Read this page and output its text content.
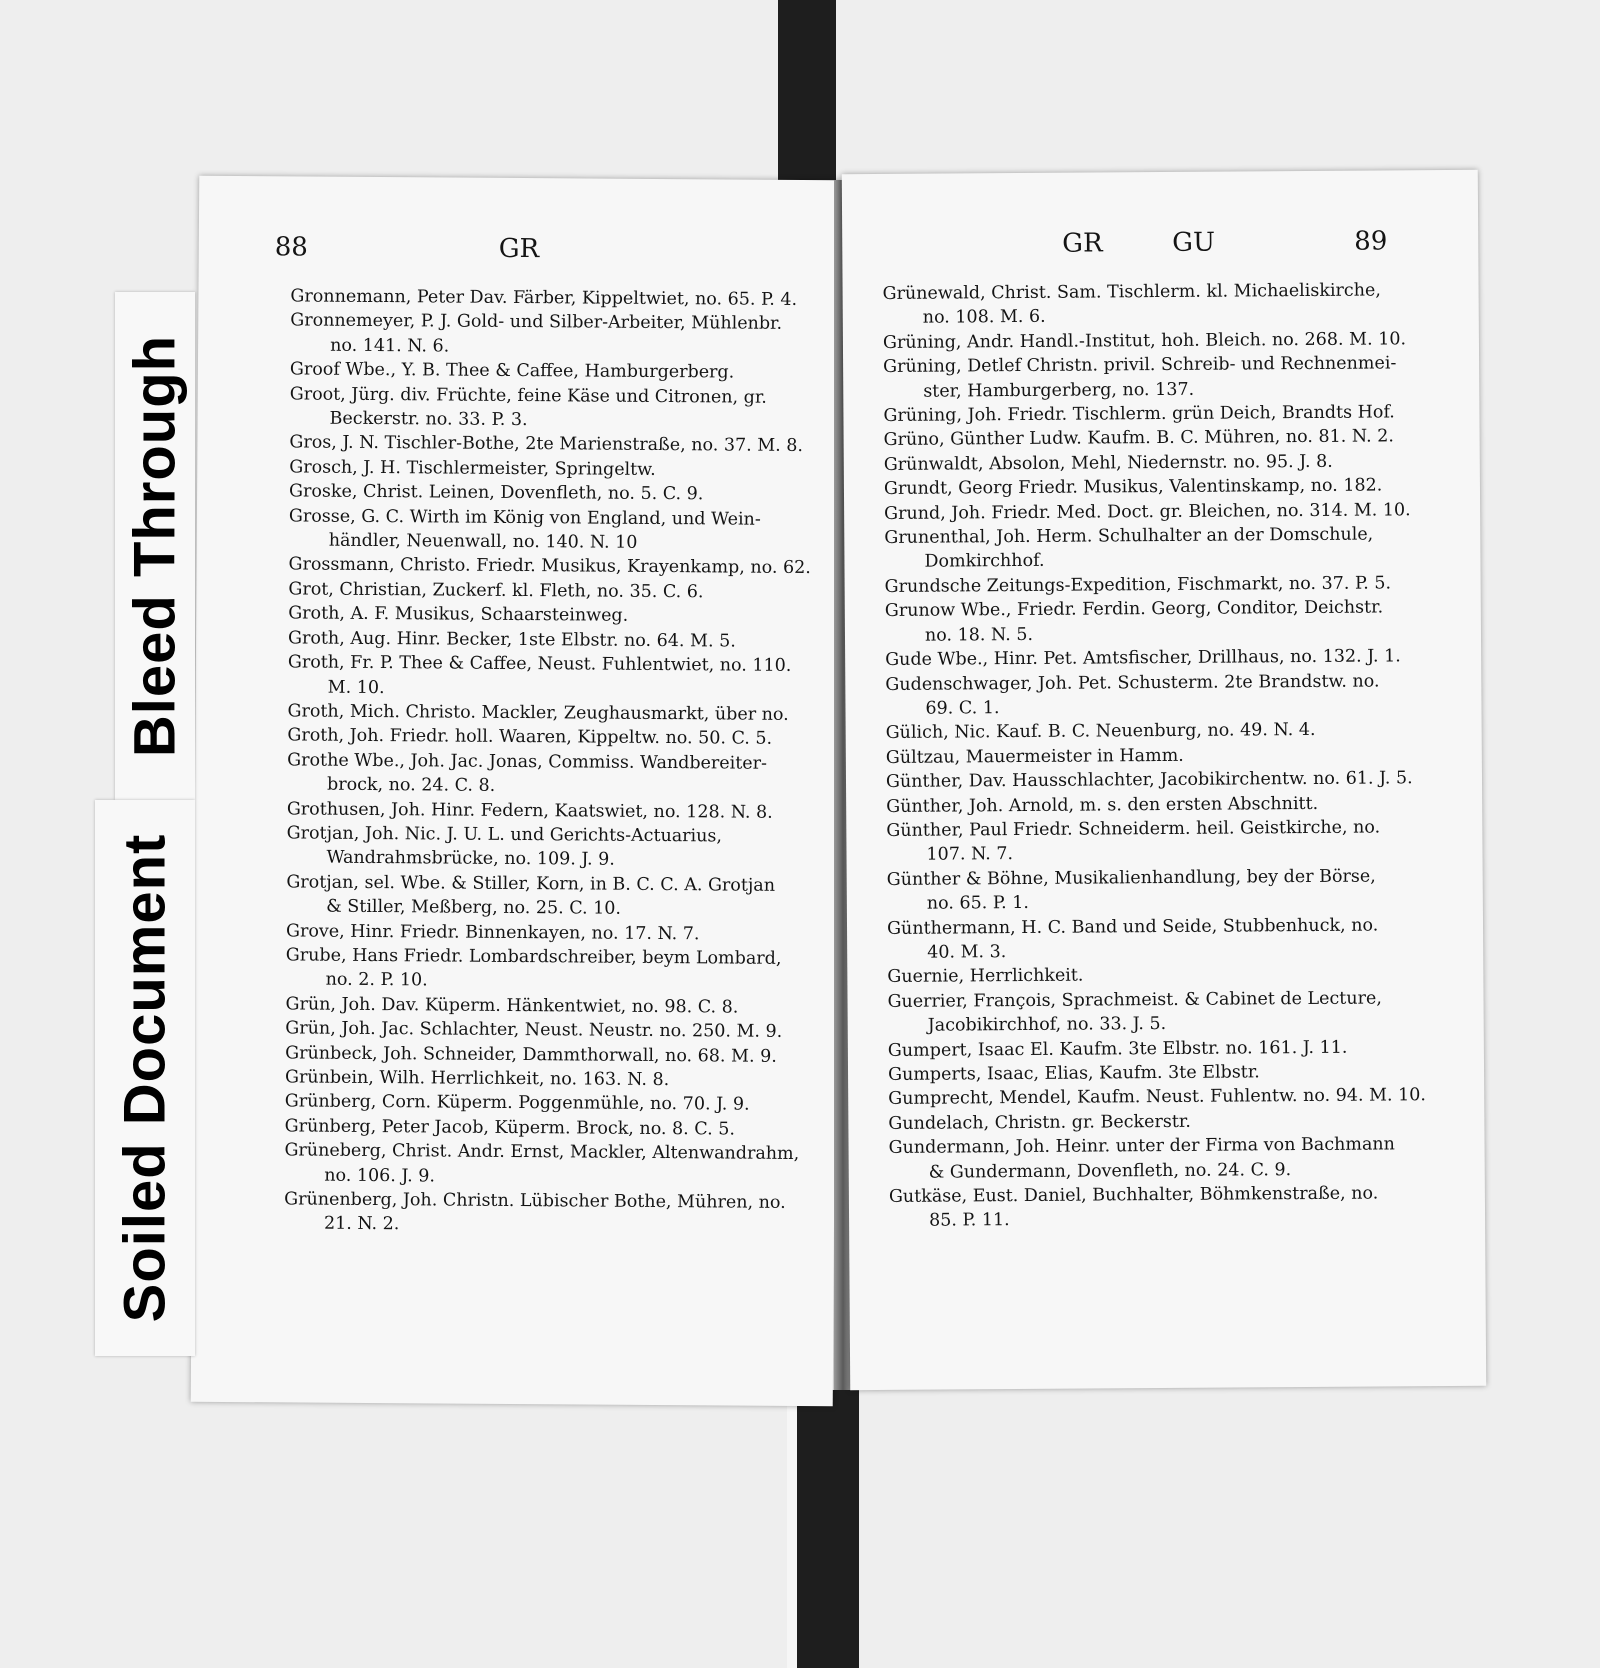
88	GR
Gronnemann, Peter Dav. Färber, Kippeltwiet, no. 65. P. 4.
Gronnemeyer, P. J. Gold- und Silber-Arbeiter, Mühlenbr.
no. 141. N. 6.
Groof Wbe., Y. B. Thee & Caffee, Hamburgerberg.
Groot, Jürg. div. Früchte, feine Käse und Citronen, gr.
Beckerstr. no. 33. P. 3.
Gros, J. N. Tischler-Bothe, 2te Marienstraße, no. 37. M. 8.
Grosch, J. H. Tischlermeister, Springeltw.
Groske, Christ. Leinen, Dovenfleth, no. 5. C. 9.
Grosse, G. C. Wirth im König von England, und Wein-
händler, Neuenwall, no. 140. N. 10
Grossmann, Christo. Friedr. Musikus, Krayenkamp, no. 62.
Grot, Christian, Zuckerf. kl. Fleth, no. 35. C. 6.
Groth, A. F. Musikus, Schaarsteinweg.
Groth, Aug. Hinr. Becker, 1ste Elbstr. no. 64. M. 5.
Groth, Fr. P. Thee & Caffee, Neust. Fuhlentwiet, no. 110.
M. 10.
Groth, Mich. Christo. Mackler, Zeughausmarkt, über no.
Groth, Joh. Friedr. holl. Waaren, Kippeltw. no. 50. C. 5.
Grothe Wbe., Joh. Jac. Jonas, Commiss. Wandbereiter-
brock, no. 24. C. 8.
Grothusen, Joh. Hinr. Federn, Kaatswiet, no. 128. N. 8.
Grotjan, Joh. Nic. J. U. L. und Gerichts-Actuarius,
Wandrahmsbrücke, no. 109. J. 9.
Grotjan, sel. Wbe. & Stiller, Korn, in B. C. C. A. Grotjan
& Stiller, Meßberg, no. 25. C. 10.
Grove, Hinr. Friedr. Binnenkayen, no. 17. N. 7.
Grube, Hans Friedr. Lombardschreiber, beym Lombard,
no. 2. P. 10.
Grün, Joh. Dav. Küperm. Hänkentwiet, no. 98. C. 8.
Grün, Joh. Jac. Schlachter, Neust. Neustr. no. 250. M. 9.
Grünbeck, Joh. Schneider, Dammthorwall, no. 68. M. 9.
Grünbein, Wilh. Herrlichkeit, no. 163. N. 8.
Grünberg, Corn. Küperm. Poggenmühle, no. 70. J. 9.
Grünberg, Peter Jacob, Küperm. Brock, no. 8. C. 5.
Grüneberg, Christ. Andr. Ernst, Mackler, Altenwandrahm,
no. 106. J. 9.
Grünenberg, Joh. Christn. Lübischer Bothe, Mühren, no.
21. N. 2.
GR	GU	89
Grünewald, Christ. Sam. Tischlerm. kl. Michaeliskirche,
no. 108. M. 6.
Grüning, Andr. Handl.-Institut, hoh. Bleich. no. 268. M. 10.
Grüning, Detlef Christn. privil. Schreib- und Rechnenmei-
ster, Hamburgerberg, no. 137.
Grüning, Joh. Friedr. Tischlerm. grün Deich, Brandts Hof.
Grüno, Günther Ludw. Kaufm. B. C. Mühren, no. 81. N. 2.
Grünwaldt, Absolon, Mehl, Niedernstr. no. 95. J. 8.
Grundt, Georg Friedr. Musikus, Valentinskamp, no. 182.
Grund, Joh. Friedr. Med. Doct. gr. Bleichen, no. 314. M. 10.
Grunenthal, Joh. Herm. Schulhalter an der Domschule,
Domkirchhof.
Grundsche Zeitungs-Expedition, Fischmarkt, no. 37. P. 5.
Grunow Wbe., Friedr. Ferdin. Georg, Conditor, Deichstr.
no. 18. N. 5.
Gude Wbe., Hinr. Pet. Amtsfischer, Drillhaus, no. 132. J. 1.
Gudenschwager, Joh. Pet. Schusterm. 2te Brandstw. no.
69. C. 1.
Gülich, Nic. Kauf. B. C. Neuenburg, no. 49. N. 4.
Gültzau, Mauermeister in Hamm.
Günther, Dav. Hausschlachter, Jacobikirchentw. no. 61. J. 5.
Günther, Joh. Arnold, m. s. den ersten Abschnitt.
Günther, Paul Friedr. Schneiderm. heil. Geistkirche, no.
107. N. 7.
Günther & Böhne, Musikalienhandlung, bey der Börse,
no. 65. P. 1.
Günthermann, H. C. Band und Seide, Stubbenhuck, no.
40. M. 3.
Guernie, Herrlichkeit.
Guerrier, François, Sprachmeist. & Cabinet de Lecture,
Jacobikirchhof, no. 33. J. 5.
Gumpert, Isaac El. Kaufm. 3te Elbstr. no. 161. J. 11.
Gumperts, Isaac, Elias, Kaufm. 3te Elbstr.
Gumprecht, Mendel, Kaufm. Neust. Fuhlentw. no. 94. M. 10.
Gundelach, Christn. gr. Beckerstr.
Gundermann, Joh. Heinr. unter der Firma von Bachmann
& Gundermann, Dovenfleth, no. 24. C. 9.
Gutkäse, Eust. Daniel, Buchhalter, Böhmkenstraße, no.
85. P. 11.
Bleed Through
Soiled Document
